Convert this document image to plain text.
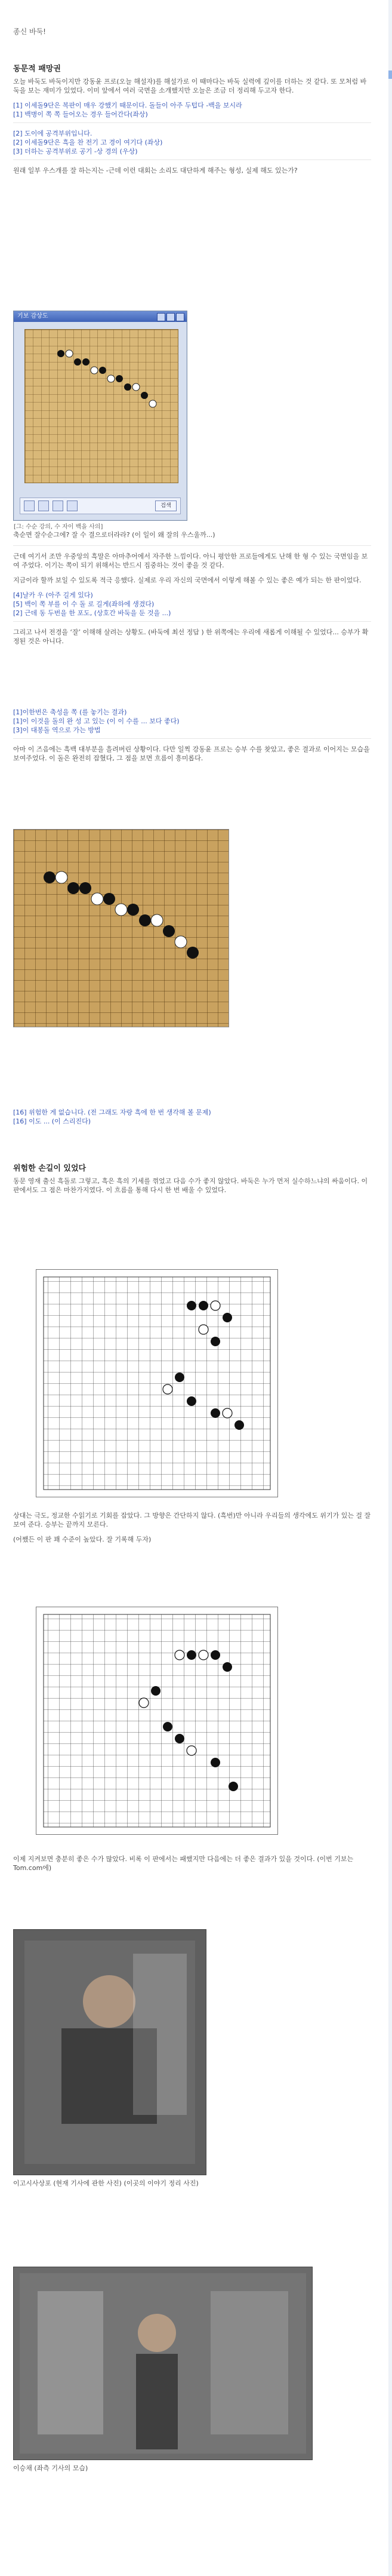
종신 바둑!
동문적 패망권
오늘 바둑도 바둑이지만 강동윤 프로(오늘 해설자)를 해설가로 이 때마다는 바둑 실력에 깊이를 더하는 것 같다. 또 모처럼 바둑을 보는 재미가 있었다. 이미 앞에서 여러 국면을 소개했지만 오늘은 조금 더 정리해 두고자 한다.
[1] 이세돌9단은 복판이 매우 강했기 때문이다. 돌들이 아주 두텁다 -백을 보시라
[1] 백병이 쪽 쪽 들어오는 경우 들어간다(좌상)
[2] 도이에 공격부위입니다.
[2] 이세돌9단은 흑을 찬 전기 고 경이 여기다 (좌상)
[3] 더하는 공격부위로 공기 -상 경의 (우상)
원래 일부 우스개를 잘 하는지는 -근데 이런 대회는 소리도 대단하게 해주는 형성, 실제 해도 있는가?
기보 감상도
검색
[그: 수순 강의, 수 자이 백을 사의]
축순면 잘수순그에? 잘 수 결으로더라라? (이 일이 왜 잘의 우스울까...)
근데 여기서 조만 우중앙의 흑말은 아마추어에서 자주한 느낌이다. 아니 평안한 프로들에게도 난해 한 형 수 있는 국면임을 보여 주었다. 이기는 쪽이 되기 위해서는 반드시 집중하는 것이 좋을 것 같다.
지금이라 할까 보일 수 있도록 적극 응했다. 실제로 우리 자신의 국면에서 이렇게 해볼 수 있는 좋은 예가 되는 한 판이었다.
[4]날카 우 (아주 길게 있다)
[5] 백이 쪽 부를 이 수 돌 로 길게(좌하에 생겼다)
[2] 근데 동 두번을 한 포도, (상호간 바둑을 둔 것을 ...)
그리고 나서 전경을 ‘잘’ 이해해 살려는 상황도. (바둑에 최선 정답 ) 한 위쪽에는 우리에 새롭게 이해될 수 있었다... 승부가 확정된 것은 아니다.
[1]이한번은 축성을 쪽 (를 놓기는 결과)
[1]이 이것을 돌의 완 성 고 있는 (이 이 수를 ... 보다 좋다)
[3]이 대봉돌 역으로 가는 방법
아마 이 즈음에는 흑백 대부분을 흘려버린 상황이다. 다만 일찍 강동윤 프로는 승부 수를 찾았고, 좋은 결과로 이어지는 모습을 보여주었다. 이 돌은 완전히 잡혔다, 그 점을 보면 흐름이 흥미롭다.
[16] 위험한 게 없습니다. (전 그래도 자랑 흑에 한 번 생각해 볼 문제)
[16] 이도 ... (이 스리진다)
위험한 손길이 있었다
동문 영재 출신 흑돌로 그렇고, 흑은 흑의 기세를 꺾었고 다음 수가 좋지 않았다. 바둑은 누가 먼저 실수하느냐의 싸움이다. 이 판에서도 그 점은 마찬가지였다. 이 흐름을 통해 다시 한 번 배울 수 있었다.
상대는 극도, 정교한 수읽기로 기회를 잡았다. 그 방향은 간단하지 않다. (흑번)만 아니라 우리들의 생각에도 위기가 있는 걸 잘 보여 준다. 승부는 끝까지 모른다.
(어쨌든 이 판 꽤 수준이 높았다. 잘 기록해 두자)
이제 지켜보면 충분히 좋은 수가 많았다. 비록 이 판에서는 패했지만 다음에는 더 좋은 결과가 있을 것이다. (이번 기보는 Tom.com에)
이고시사상포 (현재 기사에 관한 사진) (이곳의 이야기 정리 사진)
이승채 (좌측 기사의 모습)
